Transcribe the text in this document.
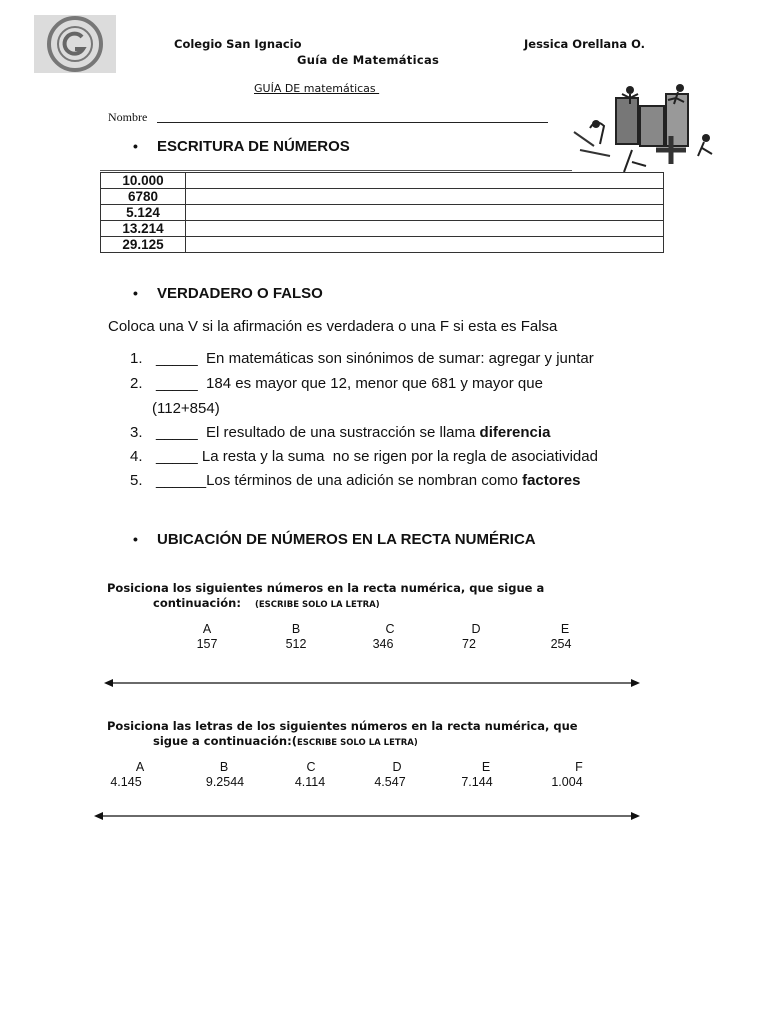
Colegio San Ignacio	Jessica Orellana O.
Guía de Matemáticas
GUÍA DE matemáticas
Nombre
• ESCRITURA DE NÚMEROS
10.000	
6780	
5.124	
13.214	
29.125	
• VERDADERO O FALSO
Coloca una V si la afirmación es verdadera o una F si esta es Falsa
1. _____  En matemáticas son sinónimos de sumar: agregar y juntar
2. _____  184 es mayor que 12, menor que 681 y mayor que
(112+854)
3. _____  El resultado de una sustracción se llama diferencia
4. _____ La resta y la suma  no se rigen por la regla de asociatividad
5. ______Los términos de una adición se nombran como factores
• UBICACIÓN DE NÚMEROS EN LA RECTA NUMÉRICA
Posiciona los siguientes números en la recta numérica, que sigue a
continuación: (ESCRIBE SOLO LA LETRA)
A	B	C	D	E
157	512	346	72	254
Posiciona las letras de los siguientes números en la recta numérica, que
sigue a continuación:(ESCRIBE SOLO LA LETRA)
A	B	C	D	E	F
4.145	9.2544	4.114	4.547	7.144	1.004
